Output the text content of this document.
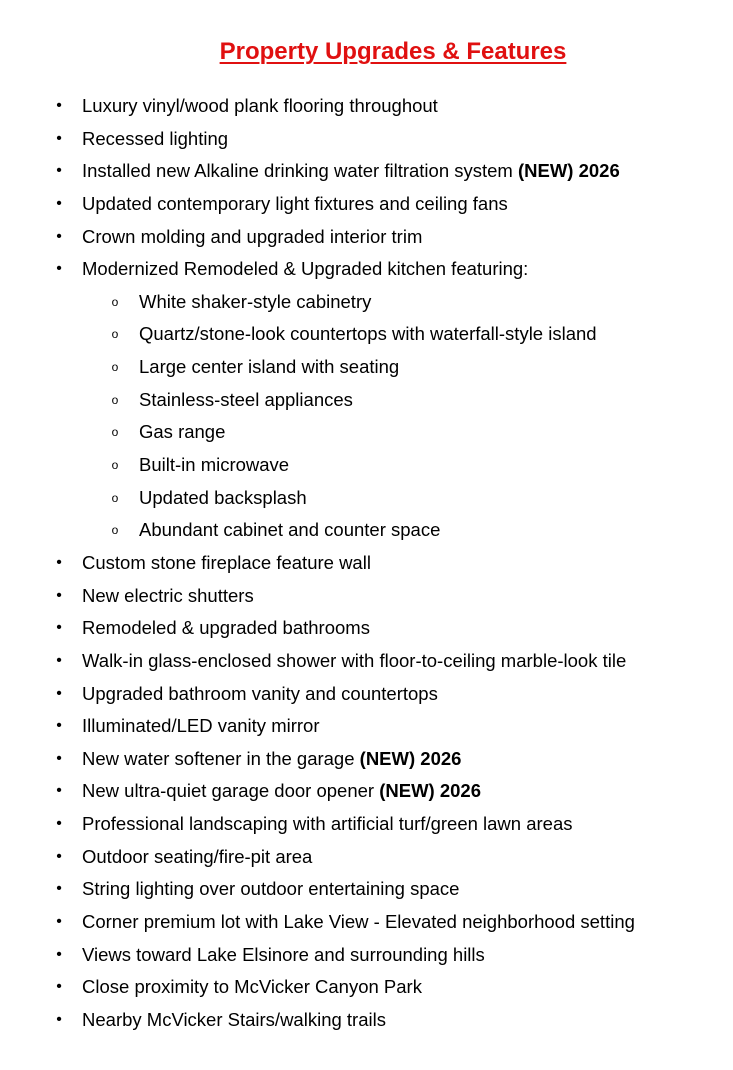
Property Upgrades & Features
• Luxury vinyl/wood plank flooring throughout
• Recessed lighting
• Installed new Alkaline drinking water filtration system (NEW) 2026
• Updated contemporary light fixtures and ceiling fans
• Crown molding and upgraded interior trim
• Modernized Remodeled & Upgraded kitchen featuring:
o White shaker-style cabinetry
o Quartz/stone-look countertops with waterfall-style island
o Large center island with seating
o Stainless-steel appliances
o Gas range
o Built-in microwave
o Updated backsplash
o Abundant cabinet and counter space
• Custom stone fireplace feature wall
• New electric shutters
• Remodeled & upgraded bathrooms
• Walk-in glass-enclosed shower with floor-to-ceiling marble-look tile
• Upgraded bathroom vanity and countertops
• Illuminated/LED vanity mirror
• New water softener in the garage (NEW) 2026
• New ultra-quiet garage door opener (NEW) 2026
• Professional landscaping with artificial turf/green lawn areas
• Outdoor seating/fire-pit area
• String lighting over outdoor entertaining space
• Corner premium lot with Lake View - Elevated neighborhood setting
• Views toward Lake Elsinore and surrounding hills
• Close proximity to McVicker Canyon Park
• Nearby McVicker Stairs/walking trails
